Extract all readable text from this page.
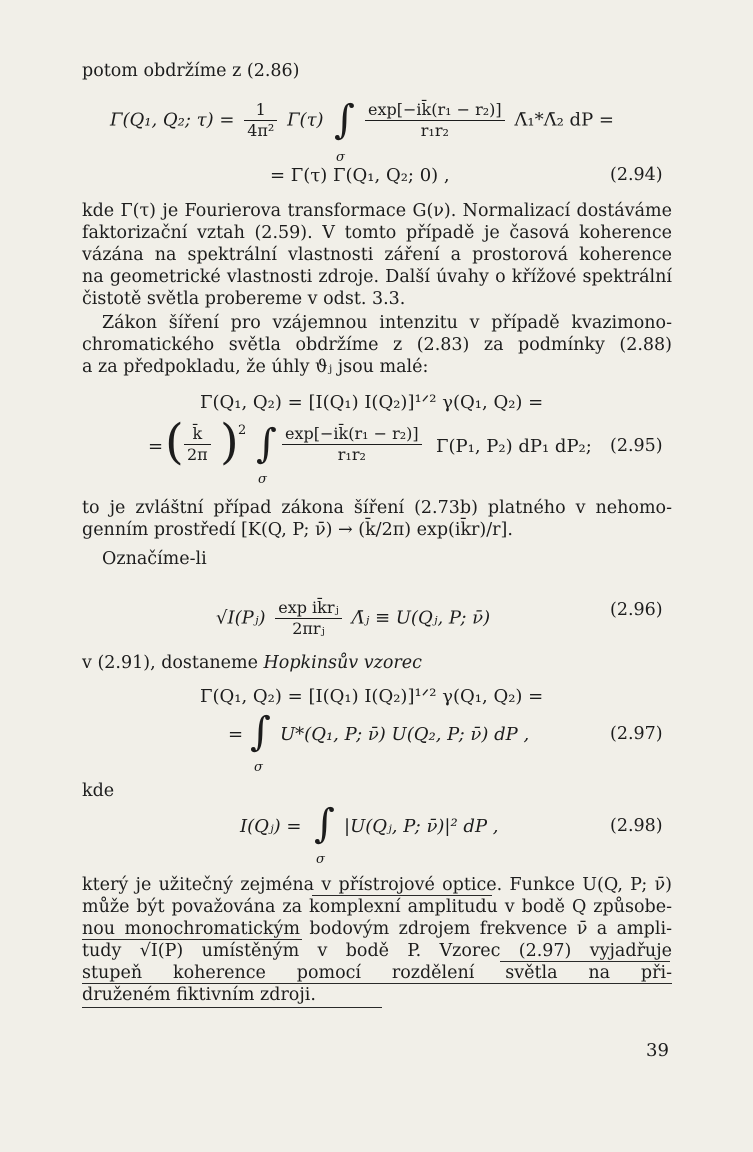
potom obdržíme z (2.86)
Γ(Q₁, Q₂; $\tau) = \frac{1}{\text{4π²}} \Gamma(\tau)$	$\frac{\text{exp[−ik̄(r₁ − r₂)]}}{\text{r₁r₂}}$ Λ̄₁*Λ̄₂ dP =
∫
σ
= Γ(τ) Γ(Q₁, Q₂; 0) ,	(2.94)
kde Γ(τ) je Fourierova transformace G(ν). Normalizací dostáváme
faktorizační vztah (2.59). V tomto případě je časová koherence
vázána na spektrální vlastnosti záření a prostorová koherence
na geometrické vlastnosti zdroje. Další úvahy o křížové spektrální
čistotě světla probereme v odst. 3.3.
Zákon šíření pro vzájemnou intenzitu v případě kvazimono-
chromatického světla obdržíme z (2.83) za podmínky (2.88)
a za předpokladu, že úhly ϑⱼ jsou malé:
Γ(Q₁, Q₂) = [I(Q₁) I(Q₂)]¹ᐟ² γ(Q₁, Q₂) =
= ( $\frac{k̄}{2\pi}$ ) 2 ∫
σ
$\frac{\text{exp[−ik̄(r₁ − r₂)]}}{\text{r₁r₂}} \Gamma(P_1$, P₂) dP₁ dP₂; (2.95)
to je zvláštní případ zákona šíření (2.73b) platného v nehomo-
genním prostředí [K(Q, P; ν̄) → (k̄/2π) exp(ik̄r)/r].
Označíme-li
√I(Pⱼ) $\frac{\text{exp ik̄rⱼ}}{\text{2πrⱼ}}$ Λ̄ⱼ ≡ U(Qⱼ, P; ν̄)	(2.96)
v (2.91), dostaneme Hopkinsův vzorec
Γ(Q₁, Q₂) = [I(Q₁) I(Q₂)]¹ᐟ² γ(Q₁, Q₂) =
= ∫
σ
U*(Q₁, P; ν̄) U(Q₂, P; ν̄) dP ,	(2.97)
kde
I(Qⱼ) = ∫
σ
|U(Qⱼ, P; ν̄)|² dP ,	(2.98)
který je užitečný zejména v přístrojové optice. Funkce U(Q, P; ν̄)
může být považována za komplexní amplitudu v bodě Q způsobe-
nou monochromatickým bodovým zdrojem frekvence ν̄ a ampli-
tudy √I(P) umístěným v bodě P. Vzorec (2.97) vyjadřuje
stupeň koherence pomocí rozdělení světla na při-
druženém fiktivním zdroji.
39
